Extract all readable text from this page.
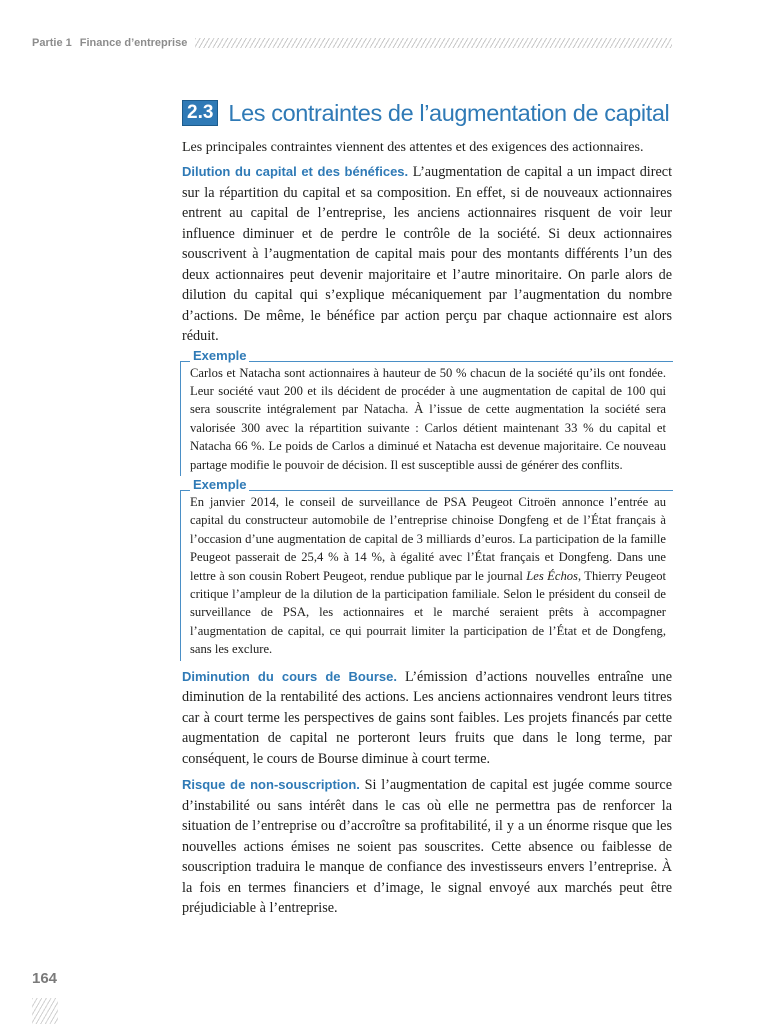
Partie 1 Finance d’entreprise
2.3 Les contraintes de l’augmentation de capital
Les principales contraintes viennent des attentes et des exigences des actionnaires.

Dilution du capital et des bénéfices. L’augmentation de capital a un impact direct sur la répartition du capital et sa composition. En effet, si de nouveaux actionnaires entrent au capital de l’entreprise, les anciens actionnaires risquent de voir leur influence diminuer et de perdre le contrôle de la société. Si deux actionnaires souscrivent à l’augmentation de capital mais pour des montants différents l’un des deux actionnaires peut devenir majoritaire et l’autre minoritaire. On parle alors de dilution du capital qui s’explique mécaniquement par l’augmentation du nombre d’actions. De même, le bénéfice par action perçu par chaque actionnaire est alors réduit.

Exemple

Carlos et Natacha sont actionnaires à hauteur de 50 % chacun de la société qu’ils ont fondée. Leur société vaut 200 et ils décident de procéder à une augmentation de capital de 100 qui sera souscrite intégralement par Natacha. À l’issue de cette augmentation la société sera valorisée 300 avec la répartition suivante : Carlos détient maintenant 33 % du capital et Natacha 66 %. Le poids de Carlos a diminué et Natacha est devenue majoritaire. Ce nouveau partage modifie le pouvoir de décision. Il est susceptible aussi de générer des conflits.

Exemple

En janvier 2014, le conseil de surveillance de PSA Peugeot Citroën annonce l’entrée au capital du constructeur automobile de l’entreprise chinoise Dongfeng et de l’État français à l’occasion d’une augmentation de capital de 3 milliards d’euros. La participation de la famille Peugeot passerait de 25,4 % à 14 %, à égalité avec l’État français et Dongfeng. Dans une lettre à son cousin Robert Peugeot, rendue publique par le journal Les Échos, Thierry Peugeot critique l’ampleur de la dilution de la participation familiale. Selon le président du conseil de surveillance de PSA, les actionnaires et le marché seraient prêts à accompagner l’augmentation de capital, ce qui pourrait limiter la participation de l’État et de Dongfeng, sans les exclure.

Diminution du cours de Bourse. L’émission d’actions nouvelles entraîne une diminution de la rentabilité des actions. Les anciens actionnaires vendront leurs titres car à court terme les perspectives de gains sont faibles. Les projets financés par cette augmentation de capital ne porteront leurs fruits que dans le long terme, par conséquent, le cours de Bourse diminue à court terme.

Risque de non-souscription. Si l’augmentation de capital est jugée comme source d’instabilité ou sans intérêt dans le cas où elle ne permettra pas de renforcer la situation de l’entreprise ou d’accroître sa profitabilité, il y a un énorme risque que les nouvelles actions émises ne soient pas souscrites. Cette absence ou faiblesse de souscription traduira le manque de confiance des investisseurs envers l’entreprise. À la fois en termes financiers et d’image, le signal envoyé aux marchés peut être préjudiciable à l’entreprise.

164
